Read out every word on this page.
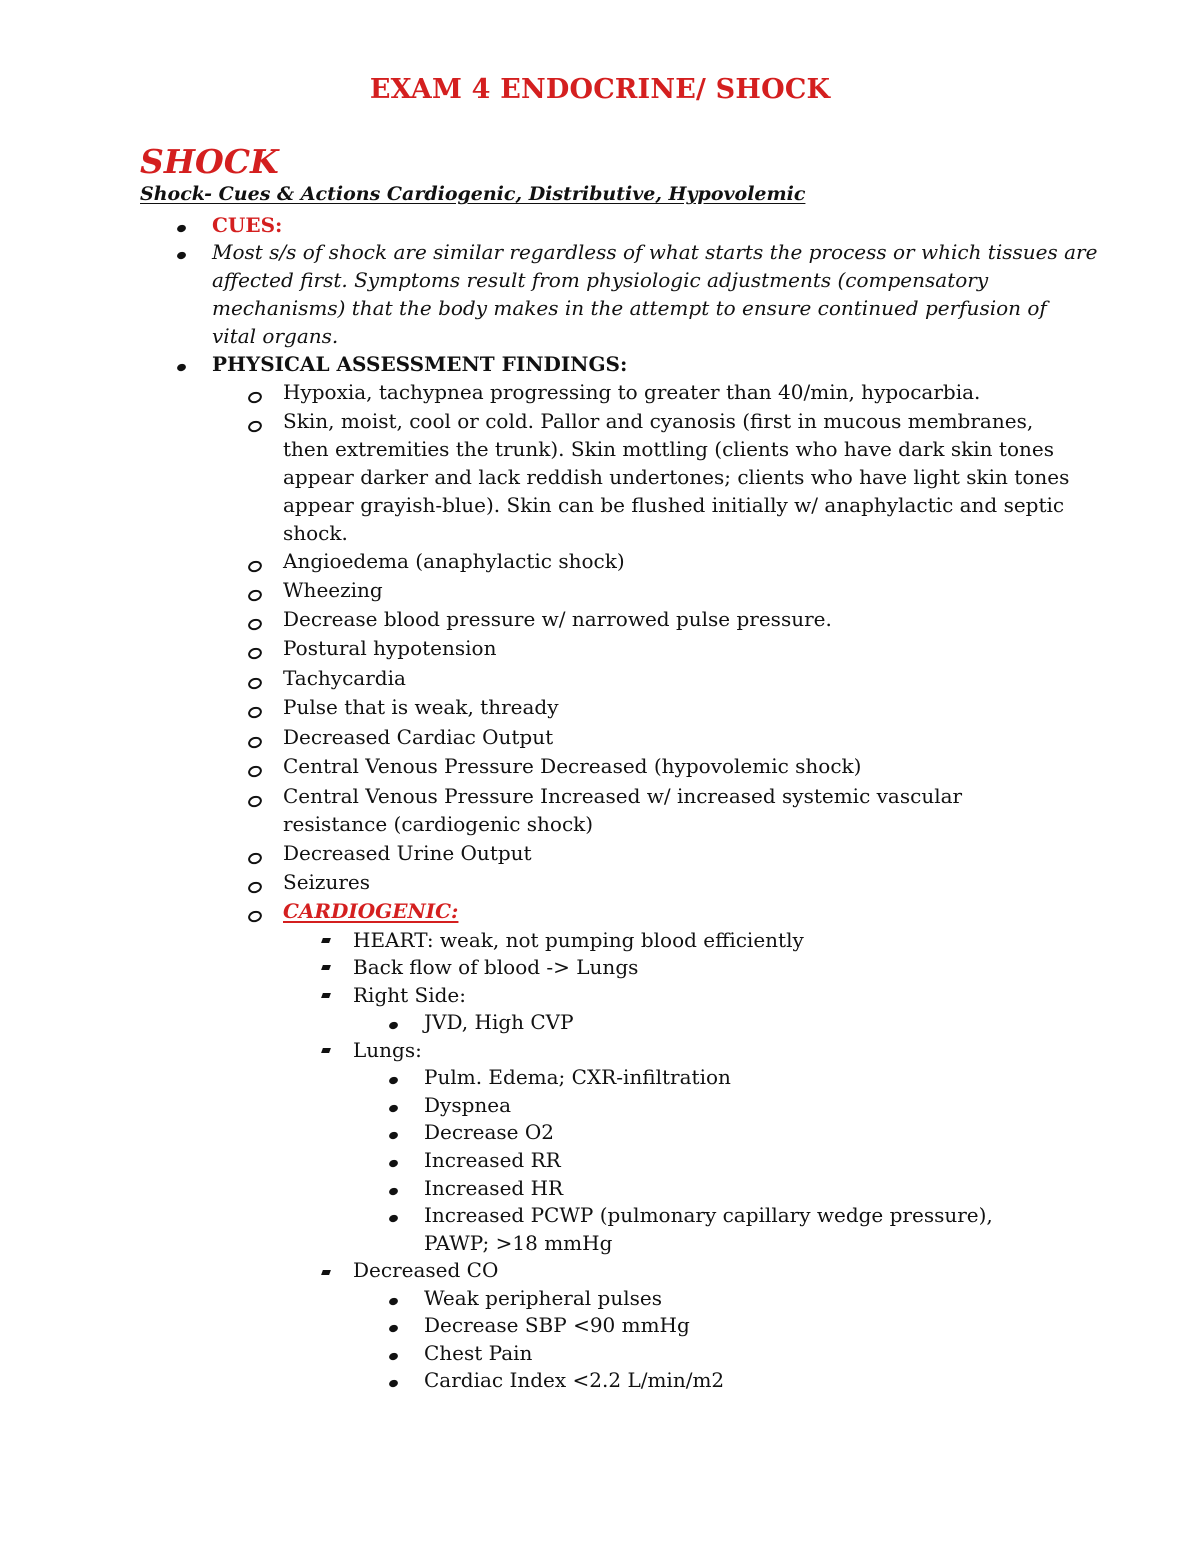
EXAM 4 ENDOCRINE/ SHOCK
SHOCK
Shock- Cues & Actions Cardiogenic, Distributive, Hypovolemic
CUES:
Most s/s of shock are similar regardless of what starts the process or which tissues are
affected first. Symptoms result from physiologic adjustments (compensatory
mechanisms) that the body makes in the attempt to ensure continued perfusion of
vital organs.
PHYSICAL ASSESSMENT FINDINGS:
Hypoxia, tachypnea progressing to greater than 40/min, hypocarbia.
Skin, moist, cool or cold. Pallor and cyanosis (first in mucous membranes,
then extremities the trunk). Skin mottling (clients who have dark skin tones
appear darker and lack reddish undertones; clients who have light skin tones
appear grayish-blue). Skin can be flushed initially w/ anaphylactic and septic
shock.
Angioedema (anaphylactic shock)
Wheezing
Decrease blood pressure w/ narrowed pulse pressure.
Postural hypotension
Tachycardia
Pulse that is weak, thready
Decreased Cardiac Output
Central Venous Pressure Decreased (hypovolemic shock)
Central Venous Pressure Increased w/ increased systemic vascular
resistance (cardiogenic shock)
Decreased Urine Output
Seizures
CARDIOGENIC:
HEART: weak, not pumping blood efficiently
Back flow of blood -> Lungs
Right Side:
JVD, High CVP
Lungs:
Pulm. Edema; CXR-infiltration
Dyspnea
Decrease O2
Increased RR
Increased HR
Increased PCWP (pulmonary capillary wedge pressure),
PAWP; >18 mmHg
Decreased CO
Weak peripheral pulses
Decrease SBP <90 mmHg
Chest Pain
Cardiac Index <2.2 L/min/m2
